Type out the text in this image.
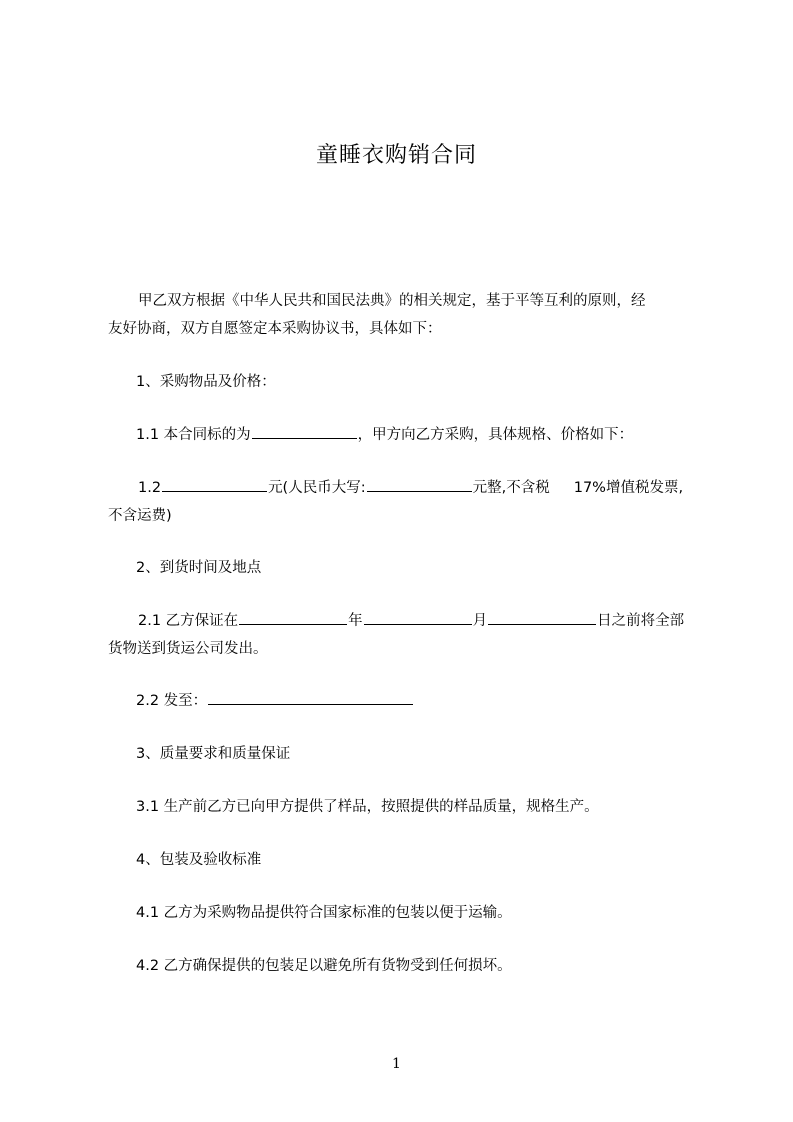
童睡衣购销合同
甲乙双方根据《中华人民共和国民法典》的相关规定，基于平等互利的原则，经
友好协商，双方自愿签定本采购协议书，具体如下：
1、采购物品及价格：
1.1 本合同标的为	，甲方向乙方采购，具体规格、价格如下：
1.2	元(人民币大写:	元整,不含税 17%增值税发票,
不含运费)
2、到货时间及地点
2.1 乙方保证在	年	月	日之前将全部
货物送到货运公司发出。
2.2 发至：
3、质量要求和质量保证
3.1 生产前乙方已向甲方提供了样品，按照提供的样品质量，规格生产。
4、包装及验收标准
4.1 乙方为采购物品提供符合国家标准的包装以便于运输。
4.2 乙方确保提供的包装足以避免所有货物受到任何损坏。
1
